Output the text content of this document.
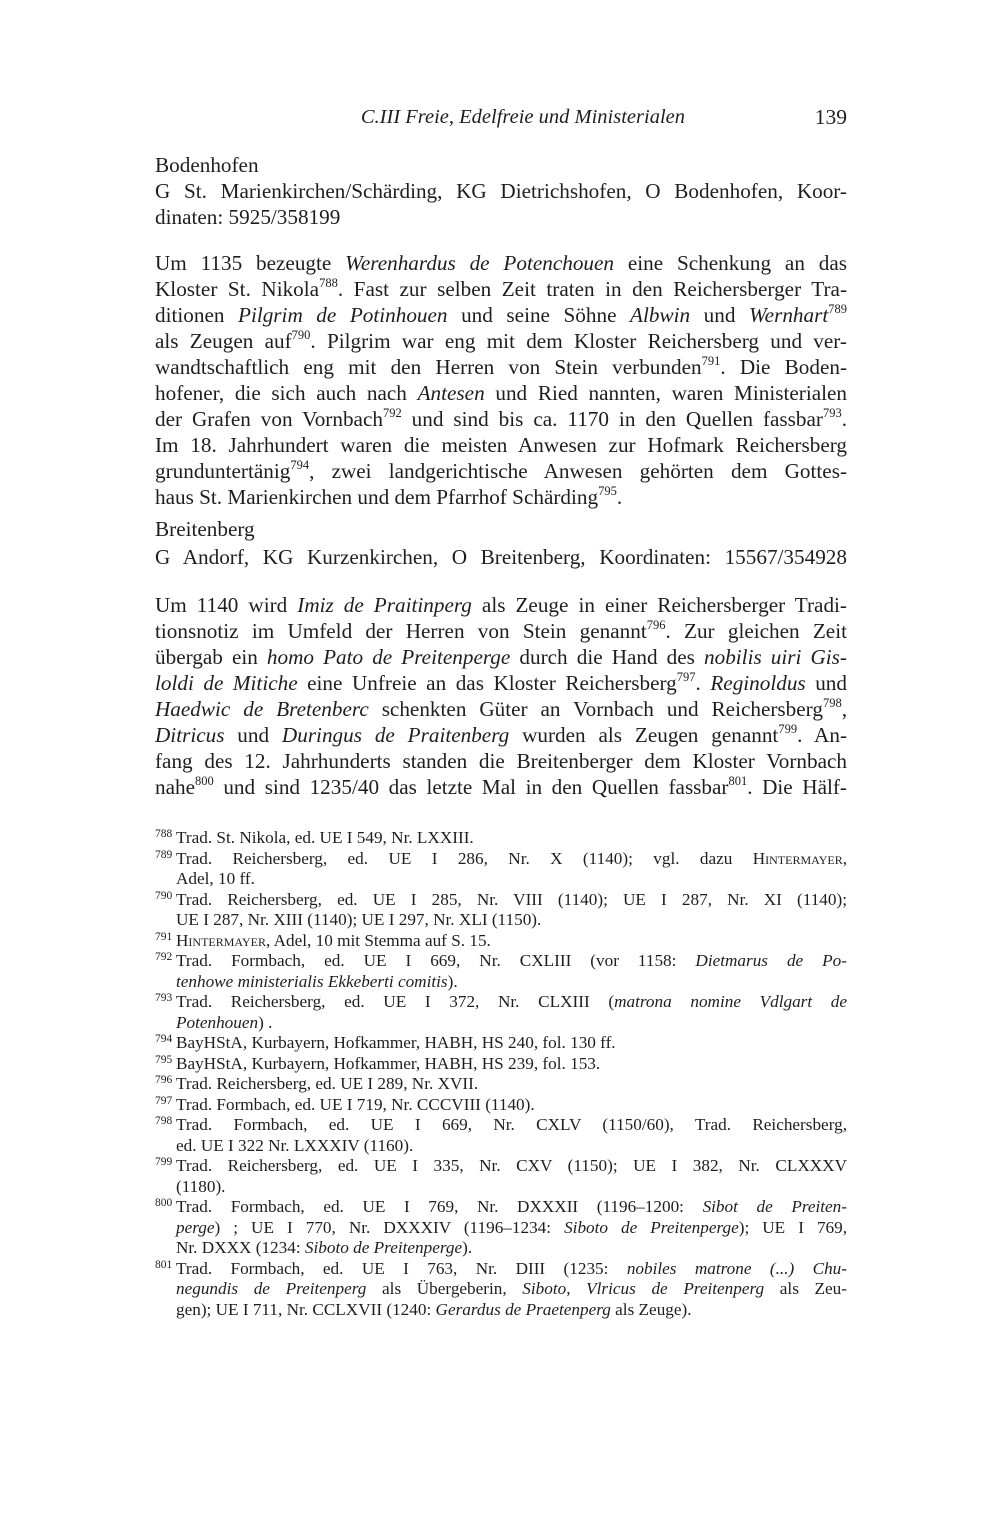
C.III Freie, Edelfreie und Ministerialen	139
Bodenhofen
G St. Marienkirchen/Schärding, KG Dietrichshofen, O Bodenhofen, Koor-
dinaten: 5925/358199
Um 1135 bezeugte Werenhardus de Potenchouen eine Schenkung an das
Kloster St. Nikola$^{788}$. Fast zur selben Zeit traten in den Reichersberger Tra-
ditionen Pilgrim de Potinhouen und seine Söhne Albwin und Wernhart$^{789}$
als Zeugen auf$^{790}$. Pilgrim war eng mit dem Kloster Reichersberg und ver-
wandtschaftlich eng mit den Herren von Stein verbunden$^{791}$. Die Boden-
hofener, die sich auch nach Antesen und Ried nannten, waren Ministerialen
der Grafen von Vornbach$^{792}$ und sind bis ca. 1170 in den Quellen fassbar$^{793}$.
Im 18. Jahrhundert waren die meisten Anwesen zur Hofmark Reichersberg
grunduntertänig$^{794}$, zwei landgerichtische Anwesen gehörten dem Gottes-
haus St. Marienkirchen und dem Pfarrhof Schärding$^{795}$.
Breitenberg
G Andorf, KG Kurzenkirchen, O Breitenberg, Koordinaten: 15567/354928
Um 1140 wird Imiz de Praitinperg als Zeuge in einer Reichersberger Tradi-
tionsnotiz im Umfeld der Herren von Stein genannt$^{796}$. Zur gleichen Zeit
übergab ein homo Pato de Preitenperge durch die Hand des nobilis uiri Gis-
loldi de Mitiche eine Unfreie an das Kloster Reichersberg$^{797}$. Reginoldus und
Haedwic de Bretenberc schenkten Güter an Vornbach und Reichersberg$^{798}$,
Ditricus und Duringus de Praitenberg wurden als Zeugen genannt$^{799}$. An-
fang des 12. Jahrhunderts standen die Breitenberger dem Kloster Vornbach
nahe$^{800}$ und sind 1235/40 das letzte Mal in den Quellen fassbar$^{801}$. Die Hälf-
788 Trad. St. Nikola, ed. UE I 549, Nr. LXXIII.
789 Trad. Reichersberg, ed. UE I 286, Nr. X (1140); vgl. dazu Hintermayer,
Adel, 10 ff.
790 Trad. Reichersberg, ed. UE I 285, Nr. VIII (1140); UE I 287, Nr. XI (1140);
UE I 287, Nr. XIII (1140); UE I 297, Nr. XLI (1150).
791 Hintermayer, Adel, 10 mit Stemma auf S. 15.
792 Trad. Formbach, ed. UE I 669, Nr. CXLIII (vor 1158: Dietmarus de Po-
tenhowe ministerialis Ekkeberti comitis).
793 Trad. Reichersberg, ed. UE I 372, Nr. CLXIII (matrona nomine Vdlgart de
Potenhouen) .
794 BayHStA, Kurbayern, Hofkammer, HABH, HS 240, fol. 130 ff.
795 BayHStA, Kurbayern, Hofkammer, HABH, HS 239, fol. 153.
796 Trad. Reichersberg, ed. UE I 289, Nr. XVII.
797 Trad. Formbach, ed. UE I 719, Nr. CCCVIII (1140).
798 Trad. Formbach, ed. UE I 669, Nr. CXLV (1150/60), Trad. Reichersberg,
ed. UE I 322 Nr. LXXXIV (1160).
799 Trad. Reichersberg, ed. UE I 335, Nr. CXV (1150); UE I 382, Nr. CLXXXV
(1180).
800 Trad. Formbach, ed. UE I 769, Nr. DXXXII (1196–1200: Sibot de Preiten-
perge) ; UE I 770, Nr. DXXXIV (1196–1234: Siboto de Preitenperge); UE I 769,
Nr. DXXX (1234: Siboto de Preitenperge).
801 Trad. Formbach, ed. UE I 763, Nr. DIII (1235: nobiles matrone (...) Chu-
negundis de Preitenperg als Übergeberin, Siboto, Vlricus de Preitenperg als Zeu-
gen); UE I 711, Nr. CCLXVII (1240: Gerardus de Praetenperg als Zeuge).
